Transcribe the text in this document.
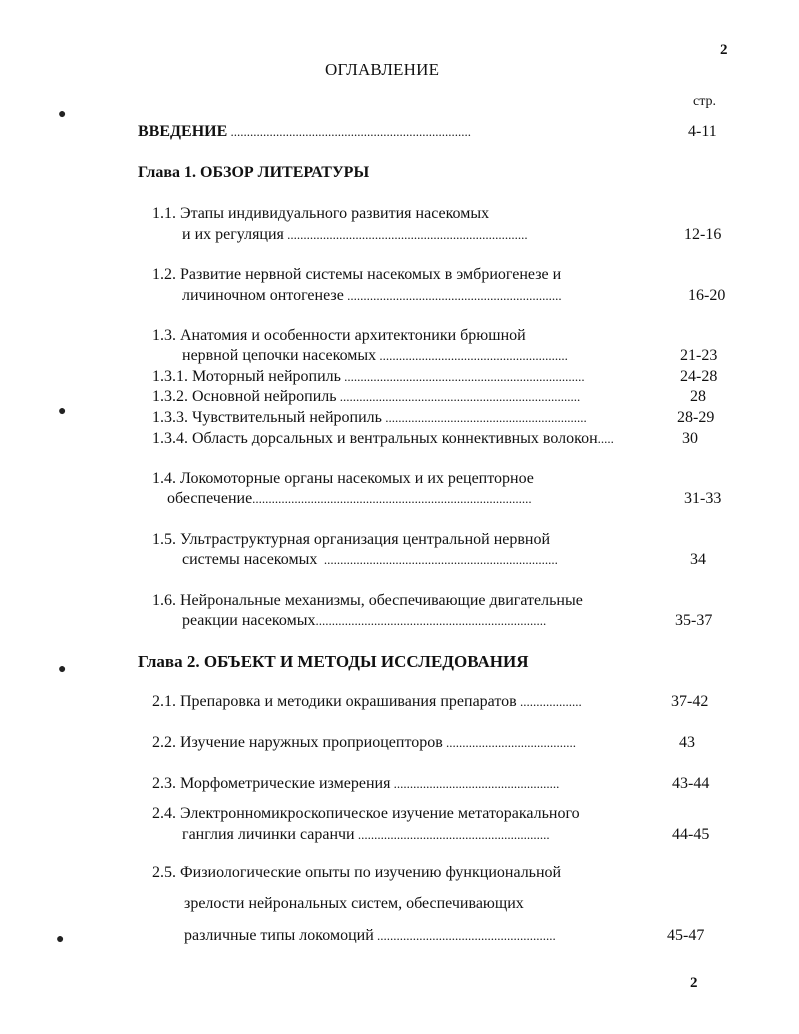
2
2
ОГЛАВЛЕНИЕ
стр.
●
●
●
●
ВВЕДЕНИЕ ..........................................................................	4-11
Глава 1. ОБЗОР ЛИТЕРАТУРЫ
1.1. Этапы индивидуального развития насекомых
и их регуляция ..........................................................................	12-16
1.2. Развитие нервной системы насекомых в эмбриогенезе и
личиночном онтогенезе ..................................................................	16-20
1.3. Анатомия и особенности архитектоники брюшной
нервной цепочки насекомых ..........................................................	21-23
1.3.1. Моторный нейропиль ..........................................................................	24-28
1.3.2. Основной нейропиль ..........................................................................	28
1.3.3. Чувствительный нейропиль ..............................................................	28-29
1.3.4. Область дорсальных и вентральных коннективных волокон.....	30
1.4. Локомоторные органы насекомых и их рецепторное
обеспечение......................................................................................	31-33
1.5. Ультраструктурная организация центральной нервной
системы насекомых  ........................................................................	34
1.6. Нейрональные механизмы, обеспечивающие двигательные
реакции насекомых.......................................................................	35-37
Глава 2. ОБЪЕКТ И МЕТОДЫ ИССЛЕДОВАНИЯ
2.1. Препаровка и методики окрашивания препаратов ...................	37-42
2.2. Изучение наружных проприоцепторов ........................................	43
2.3. Морфометрические измерения ...................................................	43-44
2.4. Электронномикроскопическое изучение метаторакального
ганглия личинки саранчи ...........................................................	44-45
2.5. Физиологические опыты по изучению функциональной
зрелости нейрональных систем, обеспечивающих
различные типы локомоций .......................................................	45-47
